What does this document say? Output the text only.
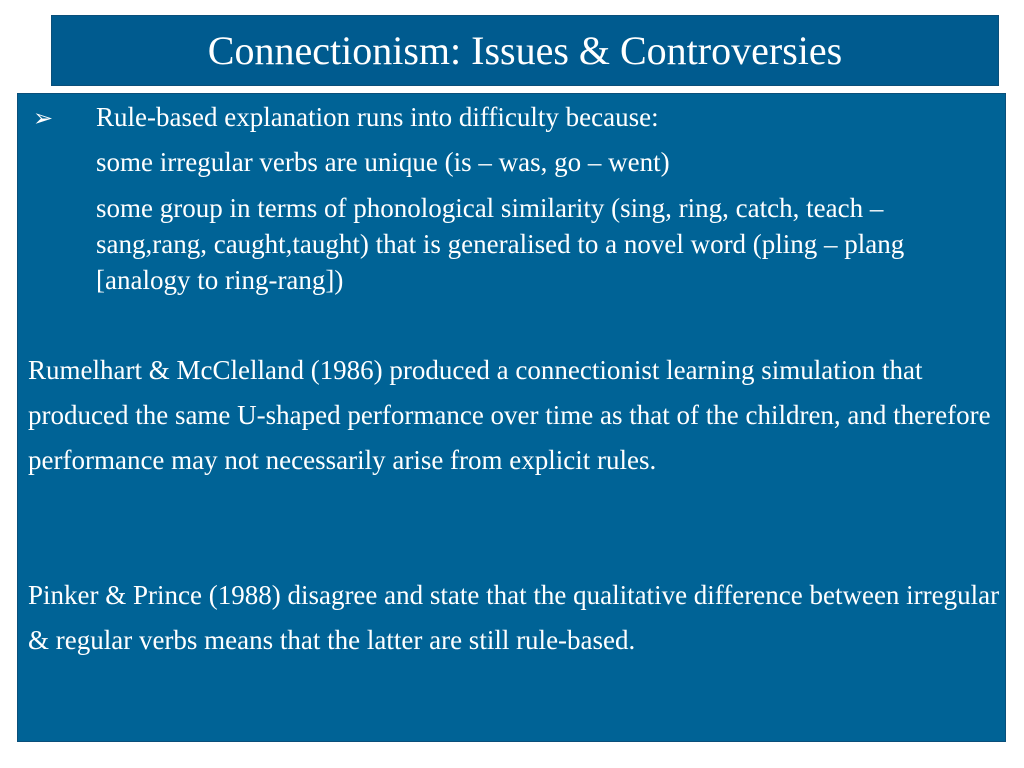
Connectionism: Issues & Controversies
➢ Rule-based explanation runs into difficulty because:
some irregular verbs are unique (is – was, go – went)
some group in terms of phonological similarity (sing, ring, catch, teach – sang,rang, caught,taught) that is generalised to a novel word (pling – plang [analogy to ring-rang])
Rumelhart & McClelland (1986) produced a connectionist learning simulation that produced the same U-shaped performance over time as that of the children, and therefore performance may not necessarily arise from explicit rules.
Pinker & Prince (1988) disagree and state that the qualitative difference between irregular & regular verbs means that the latter are still rule-based.
